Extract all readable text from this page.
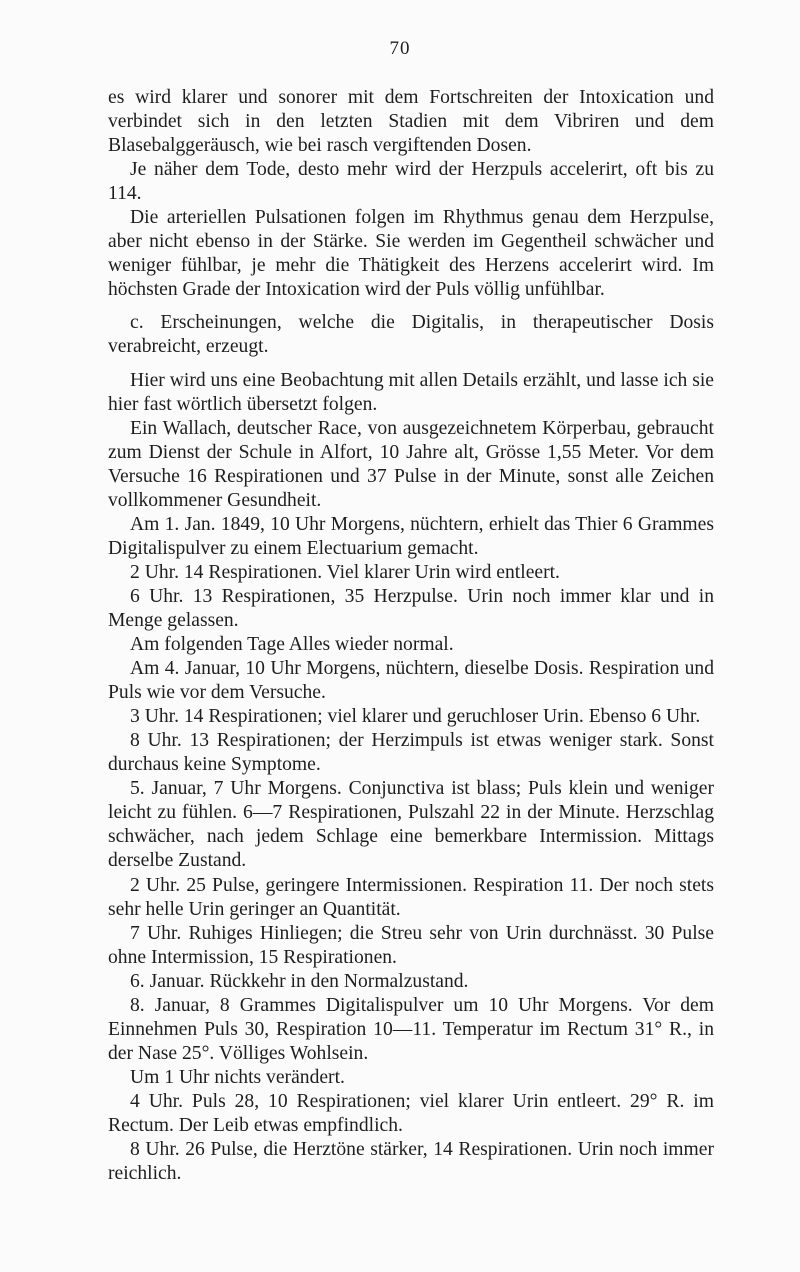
70

es wird klarer und sonorer mit dem Fortschreiten der Intoxication und verbindet sich in den letzten Stadien mit dem Vibriren und dem Blasebalggeräusch, wie bei rasch vergiftenden Dosen.

Je näher dem Tode, desto mehr wird der Herzpuls accelerirt, oft bis zu 114.

Die arteriellen Pulsationen folgen im Rhythmus genau dem Herzpulse, aber nicht ebenso in der Stärke. Sie werden im Gegentheil schwächer und weniger fühlbar, je mehr die Thätigkeit des Herzens accelerirt wird. Im höchsten Grade der Intoxication wird der Puls völlig unfühlbar.

c. Erscheinungen, welche die Digitalis, in therapeutischer Dosis verabreicht, erzeugt.

Hier wird uns eine Beobachtung mit allen Details erzählt, und lasse ich sie hier fast wörtlich übersetzt folgen.

Ein Wallach, deutscher Race, von ausgezeichnetem Körperbau, gebraucht zum Dienst der Schule in Alfort, 10 Jahre alt, Grösse 1,55 Meter. Vor dem Versuche 16 Respirationen und 37 Pulse in der Minute, sonst alle Zeichen vollkommener Gesundheit.

Am 1. Jan. 1849, 10 Uhr Morgens, nüchtern, erhielt das Thier 6 Grammes Digitalispulver zu einem Electuarium gemacht.

2 Uhr. 14 Respirationen. Viel klarer Urin wird entleert.

6 Uhr. 13 Respirationen, 35 Herzpulse. Urin noch immer klar und in Menge gelassen.

Am folgenden Tage Alles wieder normal.

Am 4. Januar, 10 Uhr Morgens, nüchtern, dieselbe Dosis. Respiration und Puls wie vor dem Versuche.

3 Uhr. 14 Respirationen; viel klarer und geruchloser Urin. Ebenso 6 Uhr.

8 Uhr. 13 Respirationen; der Herzimpuls ist etwas weniger stark. Sonst durchaus keine Symptome.

5. Januar, 7 Uhr Morgens. Conjunctiva ist blass; Puls klein und weniger leicht zu fühlen. 6—7 Respirationen, Pulszahl 22 in der Minute. Herzschlag schwächer, nach jedem Schlage eine bemerkbare Intermission. Mittags derselbe Zustand.

2 Uhr. 25 Pulse, geringere Intermissionen. Respiration 11. Der noch stets sehr helle Urin geringer an Quantität.

7 Uhr. Ruhiges Hinliegen; die Streu sehr von Urin durchnässt. 30 Pulse ohne Intermission, 15 Respirationen.

6. Januar. Rückkehr in den Normalzustand.

8. Januar, 8 Grammes Digitalispulver um 10 Uhr Morgens. Vor dem Einnehmen Puls 30, Respiration 10—11. Temperatur im Rectum 31° R., in der Nase 25°. Völliges Wohlsein.

Um 1 Uhr nichts verändert.

4 Uhr. Puls 28, 10 Respirationen; viel klarer Urin entleert. 29° R. im Rectum. Der Leib etwas empfindlich.

8 Uhr. 26 Pulse, die Herztöne stärker, 14 Respirationen. Urin noch immer reichlich.
